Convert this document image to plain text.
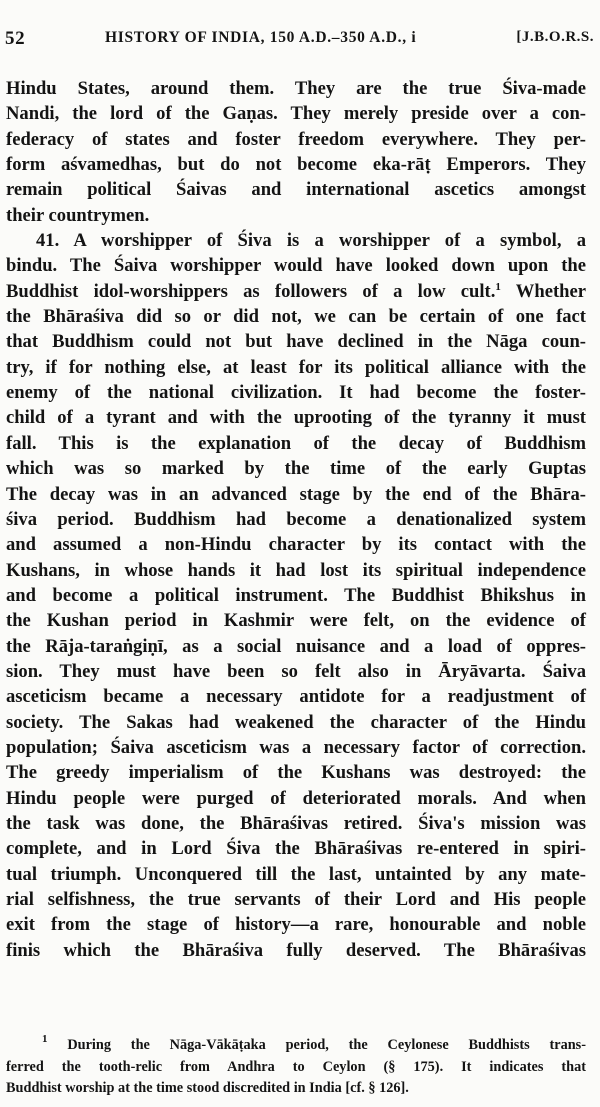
52	HISTORY OF INDIA, 150 A.D.–350 A.D., i	[J.B.O.R.S.
Hindu States, around them. They are the true Śiva-made
Nandi, the lord of the Gaṇas. They merely preside over a con-
federacy of states and foster freedom everywhere. They per-
form aśvamedhas, but do not become eka-rāṭ Emperors. They
remain political Śaivas and international ascetics amongst
their countrymen.
41. A worshipper of Śiva is a worshipper of a symbol, a
bindu. The Śaiva worshipper would have looked down upon the
Buddhist idol-worshippers as followers of a low cult.$^1$ Whether
the Bhāraśiva did so or did not, we can be certain of one fact
that Buddhism could not but have declined in the Nāga coun-
try, if for nothing else, at least for its political alliance with the
enemy of the national civilization. It had become the foster-
child of a tyrant and with the uprooting of the tyranny it must
fall. This is the explanation of the decay of Buddhism
which was so marked by the time of the early Guptas
The decay was in an advanced stage by the end of the Bhāra-
śiva period. Buddhism had become a denationalized system
and assumed a non-Hindu character by its contact with the
Kushans, in whose hands it had lost its spiritual independence
and become a political instrument. The Buddhist Bhikshus in
the Kushan period in Kashmir were felt, on the evidence of
the Rāja-taraṅgiṇī, as a social nuisance and a load of oppres-
sion. They must have been so felt also in Āryāvarta. Śaiva
asceticism became a necessary antidote for a readjustment of
society. The Sakas had weakened the character of the Hindu
population; Śaiva asceticism was a necessary factor of correction.
The greedy imperialism of the Kushans was destroyed: the
Hindu people were purged of deteriorated morals. And when
the task was done, the Bhāraśivas retired. Śiva's mission was
complete, and in Lord Śiva the Bhāraśivas re-entered in spiri-
tual triumph. Unconquered till the last, untainted by any mate-
rial selfishness, the true servants of their Lord and His people
exit from the stage of history—a rare, honourable and noble
finis which the Bhāraśiva fully deserved. The Bhāraśivas
$^1$ During the Nāga-Vākāṭaka period, the Ceylonese Buddhists trans-
ferred the tooth-relic from Andhra to Ceylon (§ 175). It indicates that
Buddhist worship at the time stood discredited in India [cf. § 126].
